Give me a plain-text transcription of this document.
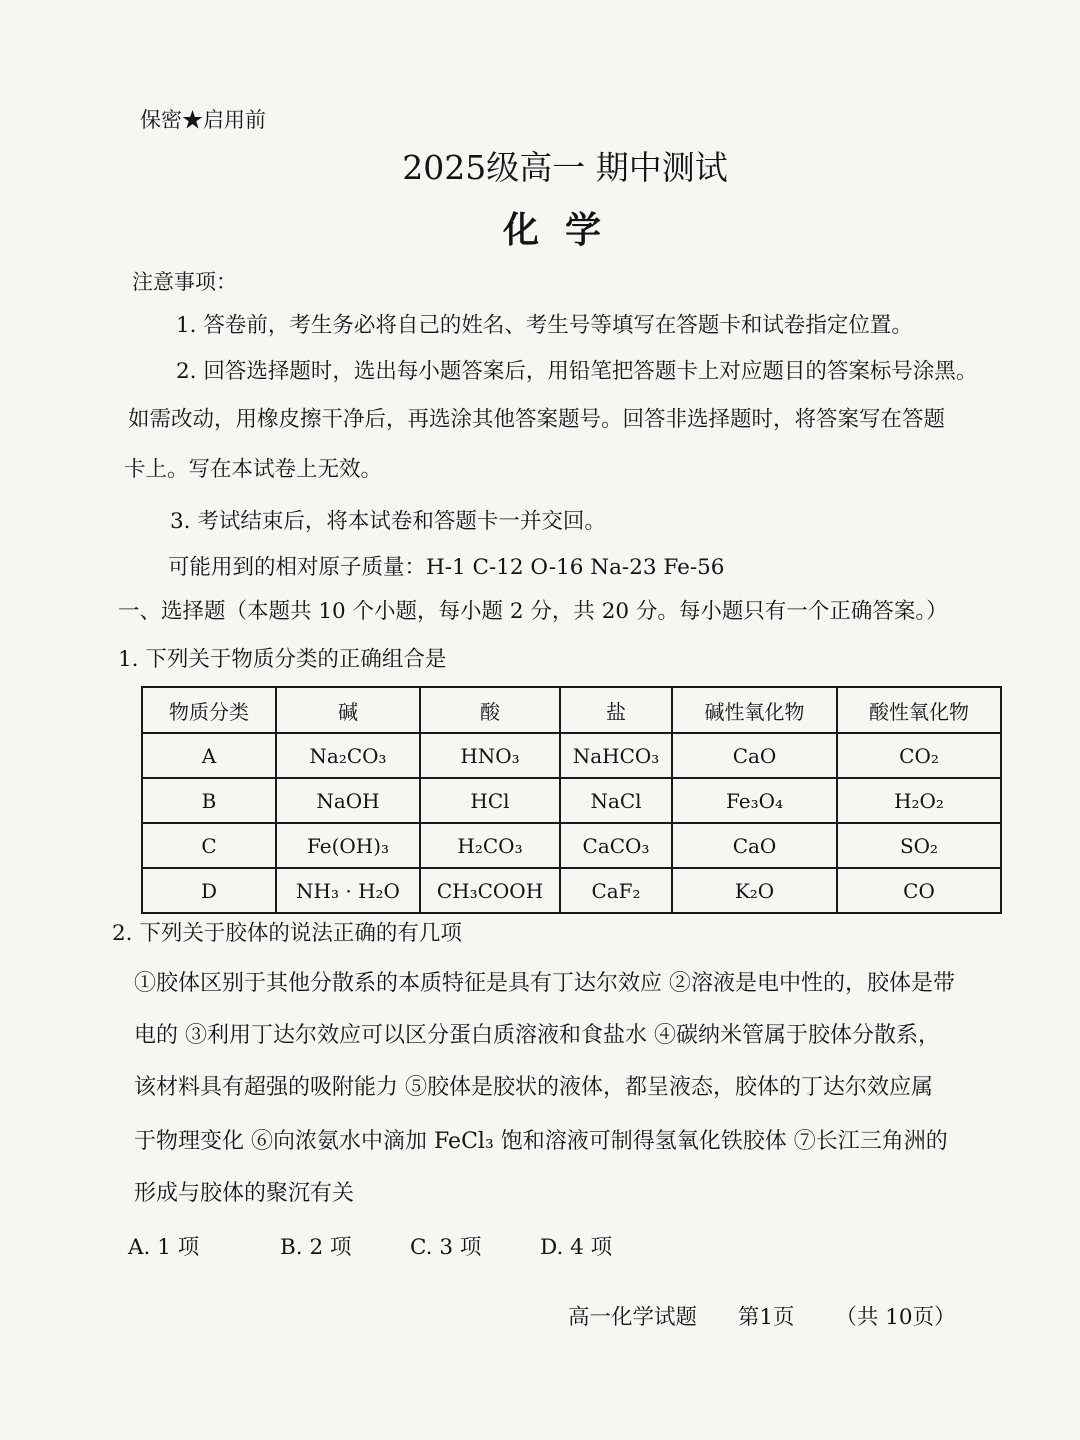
保密★启用前
2025级高一 期中测试
化学
注意事项：
1. 答卷前，考生务必将自己的姓名、考生号等填写在答题卡和试卷指定位置。
2. 回答选择题时，选出每小题答案后，用铅笔把答题卡上对应题目的答案标号涂黑。
如需改动，用橡皮擦干净后，再选涂其他答案题号。回答非选择题时，将答案写在答题
卡上。写在本试卷上无效。
3. 考试结束后，将本试卷和答题卡一并交回。
可能用到的相对原子质量：H-1 C-12 O-16 Na-23 Fe-56
一、选择题（本题共 10 个小题，每小题 2 分，共 20 分。每小题只有一个正确答案。）
1. 下列关于物质分类的正确组合是
物质分类	碱	酸	盐	碱性氧化物	酸性氧化物
A	Na₂CO₃	HNO₃	NaHCO₃	CaO	CO₂
B	NaOH	HCl	NaCl	Fe₃O₄	H₂O₂
C	Fe(OH)₃	H₂CO₃	CaCO₃	CaO	SO₂
D	NH₃ · H₂O	CH₃COOH	CaF₂	K₂O	CO
2. 下列关于胶体的说法正确的有几项
①胶体区别于其他分散系的本质特征是具有丁达尔效应 ②溶液是电中性的，胶体是带
电的 ③利用丁达尔效应可以区分蛋白质溶液和食盐水 ④碳纳米管属于胶体分散系，
该材料具有超强的吸附能力 ⑤胶体是胶状的液体，都呈液态，胶体的丁达尔效应属
于物理变化 ⑥向浓氨水中滴加 FeCl₃ 饱和溶液可制得氢氧化铁胶体 ⑦长江三角洲的
形成与胶体的聚沉有关
A. 1 项	B. 2 项	C. 3 项	D. 4 项
高一化学试题 第1页 （共 10页）
